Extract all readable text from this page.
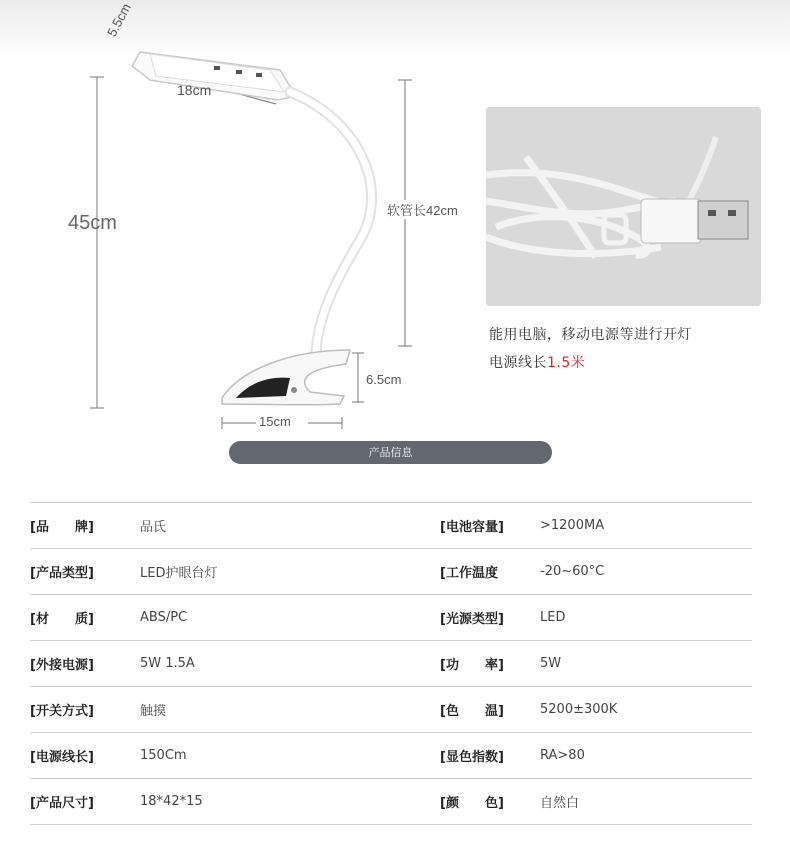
5.5cm
18cm
45cm
软管长42cm
6.5cm
15cm
能用电脑，移动电源等进行开灯
电源线长1.5米
产品信息
[品　　牌]	品氏	[电池容量]	>1200MA
[产品类型]	LED护眼台灯	[工作温度	-20~60°C
[材　　质]	ABS/PC	[光源类型]	LED
[外接电源]	5W 1.5A	[功　　率]	5W
[开关方式]	触摸	[色　　温]	5200±300K
[电源线长]	150Cm	[显色指数]	RA>80
[产品尺寸]	18*42*15	[颜　　色]	自然白
